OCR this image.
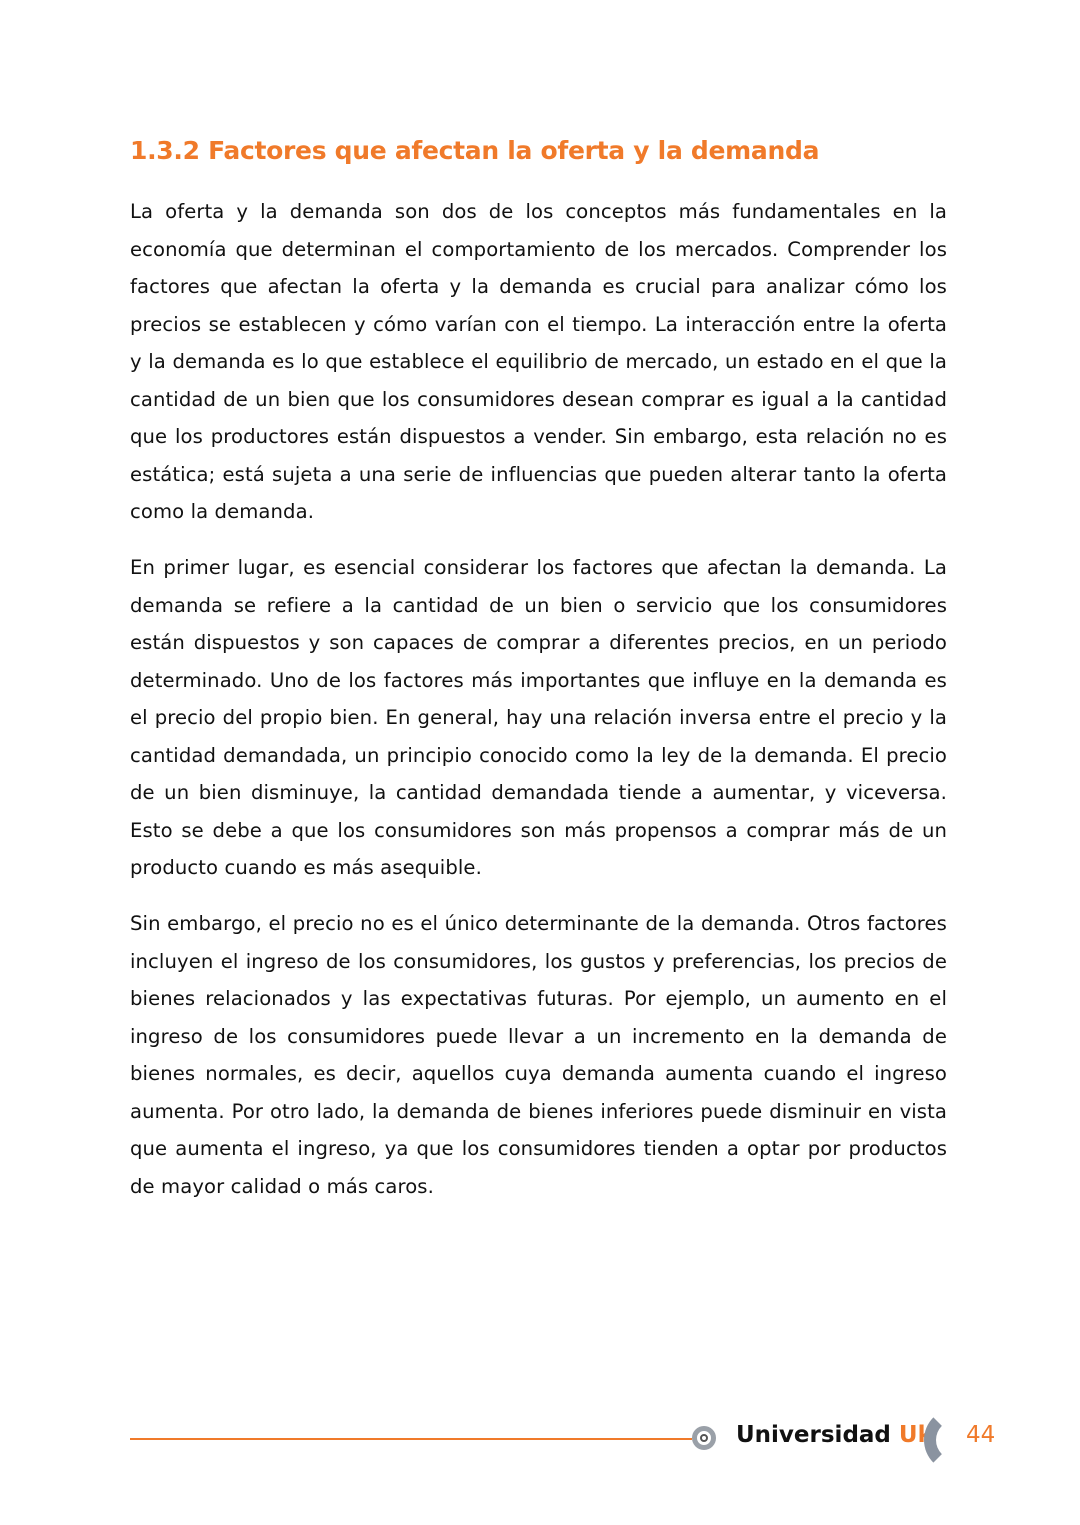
1.3.2 Factores que afectan la oferta y la demanda

La oferta y la demanda son dos de los conceptos más fundamentales en la economía que determinan el comportamiento de los mercados. Comprender los factores que afectan la oferta y la demanda es crucial para analizar cómo los precios se establecen y cómo varían con el tiempo. La interacción entre la oferta y la demanda es lo que establece el equilibrio de mercado, un estado en el que la cantidad de un bien que los consumidores desean comprar es igual a la cantidad que los productores están dispuestos a vender. Sin embargo, esta relación no es estática; está sujeta a una serie de influencias que pueden alterar tanto la oferta como la demanda.

En primer lugar, es esencial considerar los factores que afectan la demanda. La demanda se refiere a la cantidad de un bien o servicio que los consumidores están dispuestos y son capaces de comprar a diferentes precios, en un periodo determinado. Uno de los factores más importantes que influye en la demanda es el precio del propio bien. En general, hay una relación inversa entre el precio y la cantidad demandada, un principio conocido como la ley de la demanda. El precio de un bien disminuye, la cantidad demandada tiende a aumentar, y viceversa. Esto se debe a que los consumidores son más propensos a comprar más de un producto cuando es más asequible.

Sin embargo, el precio no es el único determinante de la demanda. Otros factores incluyen el ingreso de los consumidores, los gustos y preferencias, los precios de bienes relacionados y las expectativas futuras. Por ejemplo, un aumento en el ingreso de los consumidores puede llevar a un incremento en la demanda de bienes normales, es decir, aquellos cuya demanda aumenta cuando el ingreso aumenta. Por otro lado, la demanda de bienes inferiores puede disminuir en vista que aumenta el ingreso, ya que los consumidores tienden a optar por productos de mayor calidad o más caros.

Universidad Uk 44
